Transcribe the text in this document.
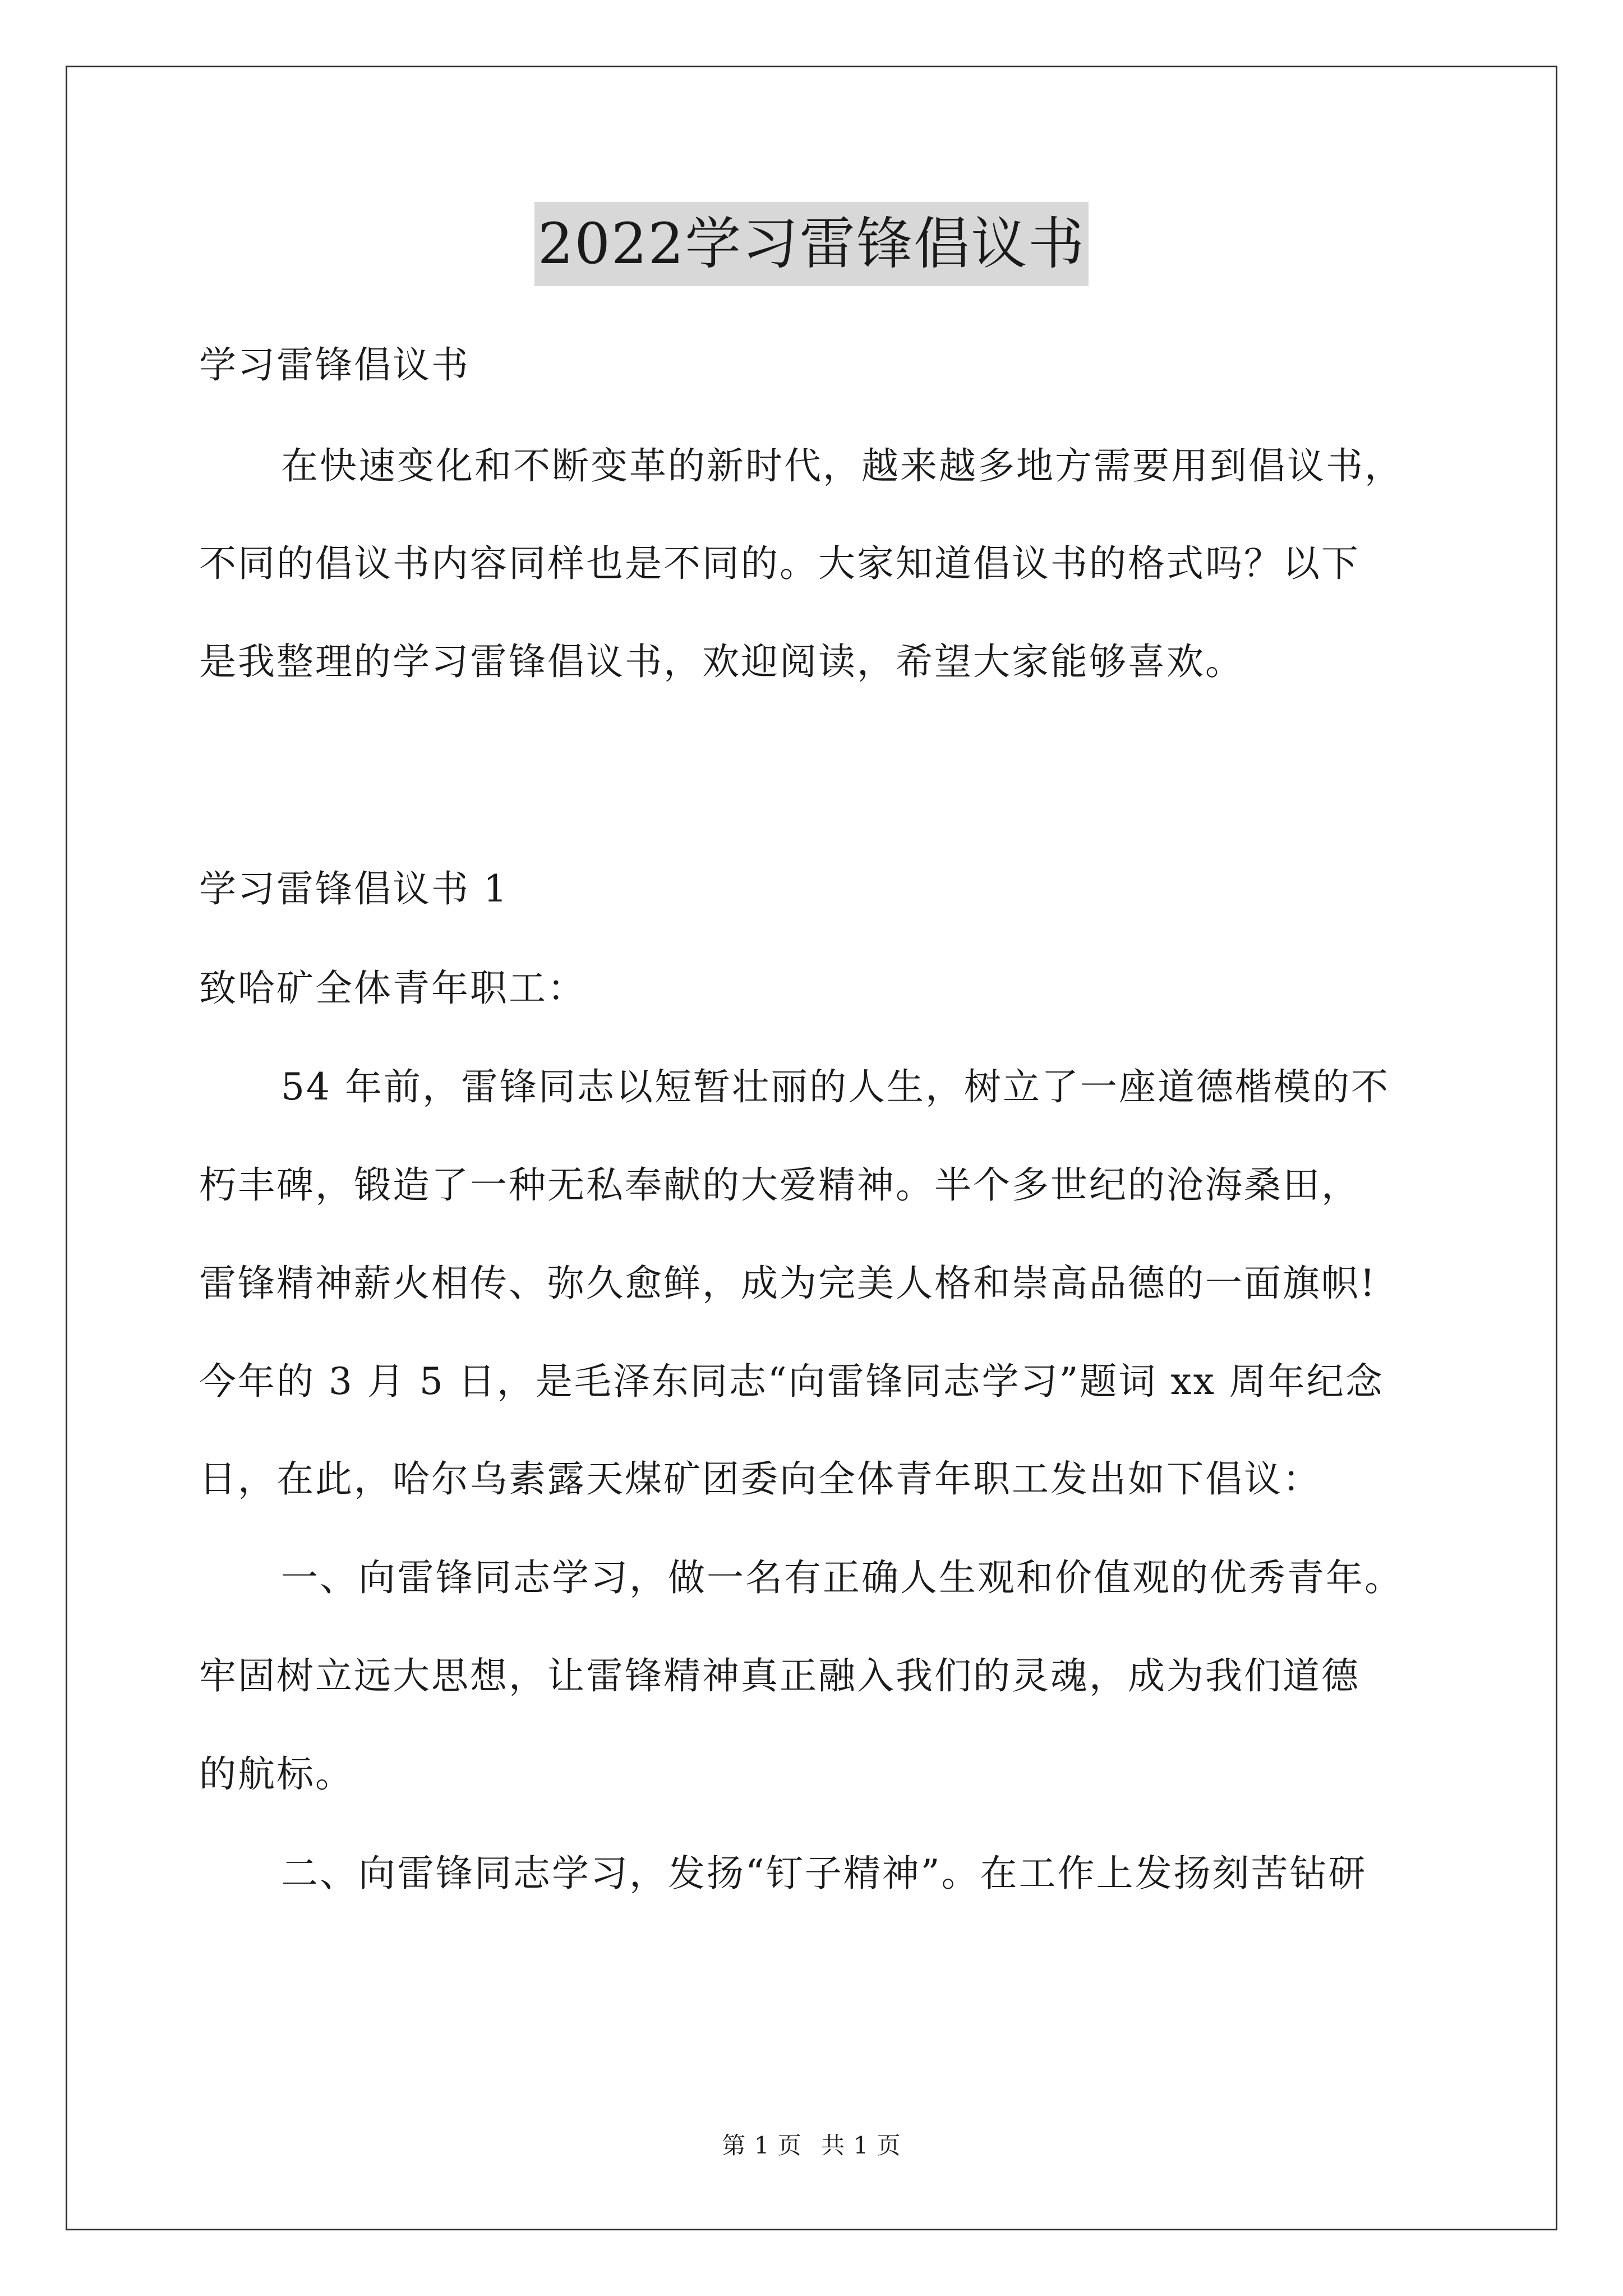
2022学习雷锋倡议书
学习雷锋倡议书
在快速变化和不断变革的新时代，越来越多地方需要用到倡议书，
不同的倡议书内容同样也是不同的。大家知道倡议书的格式吗？以下
是我整理的学习雷锋倡议书，欢迎阅读，希望大家能够喜欢。
学习雷锋倡议书 1
致哈矿全体青年职工：
54 年前，雷锋同志以短暂壮丽的人生，树立了一座道德楷模的不
朽丰碑，锻造了一种无私奉献的大爱精神。半个多世纪的沧海桑田，
雷锋精神薪火相传、弥久愈鲜，成为完美人格和崇高品德的一面旗帜!
今年的 3 月 5 日，是毛泽东同志“向雷锋同志学习”题词 xx 周年纪念
日，在此，哈尔乌素露天煤矿团委向全体青年职工发出如下倡议：
一、向雷锋同志学习，做一名有正确人生观和价值观的优秀青年。
牢固树立远大思想，让雷锋精神真正融入我们的灵魂，成为我们道德
的航标。
二、向雷锋同志学习，发扬“钉子精神”。在工作上发扬刻苦钻研
第 1 页 共 1 页
